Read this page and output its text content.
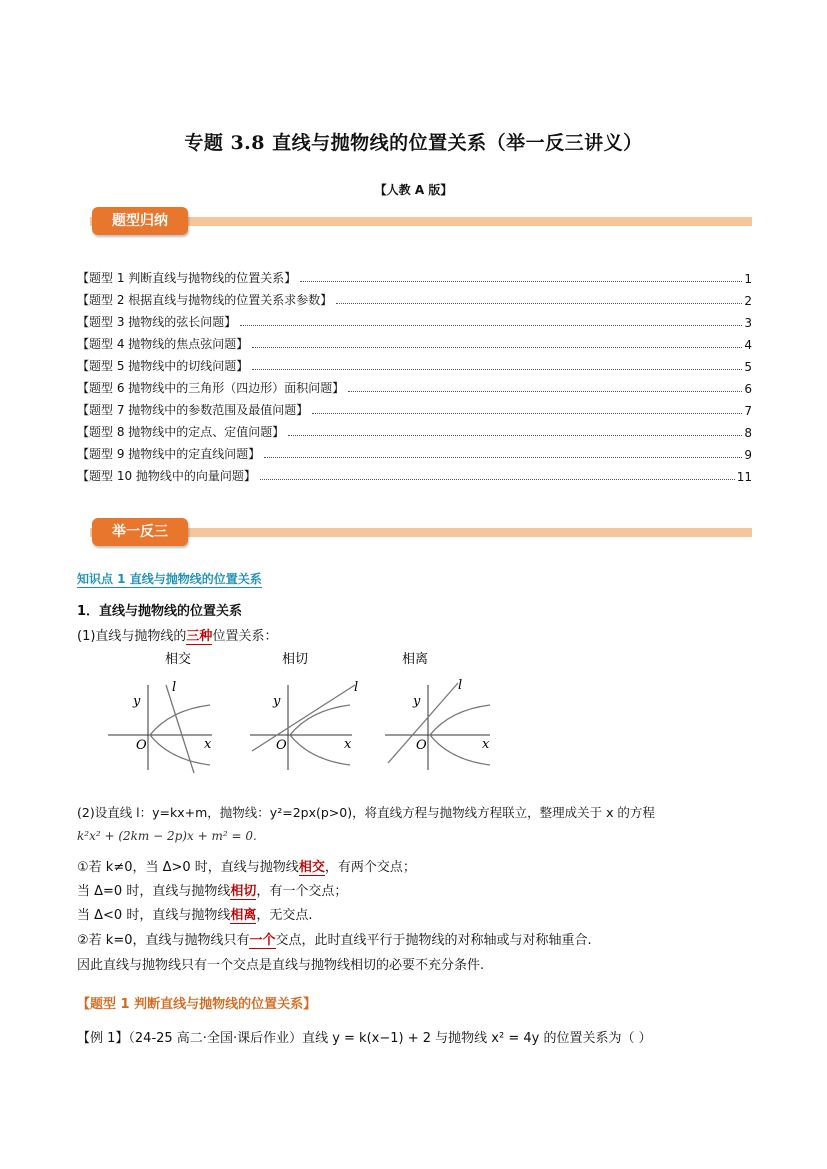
专题 3.8 直线与抛物线的位置关系（举一反三讲义）
【人教 A 版】
题型归纳
【题型 1 判断直线与抛物线的位置关系】	1
【题型 2 根据直线与抛物线的位置关系求参数】	2
【题型 3 抛物线的弦长问题】	3
【题型 4 抛物线的焦点弦问题】	4
【题型 5 抛物线中的切线问题】	5
【题型 6 抛物线中的三角形（四边形）面积问题】	6
【题型 7 抛物线中的参数范围及最值问题】	7
【题型 8 抛物线中的定点、定值问题】	8
【题型 9 抛物线中的定直线问题】	9
【题型 10 抛物线中的向量问题】	11
举一反三
知识点 1 直线与抛物线的位置关系
1．直线与抛物线的位置关系
(1)直线与抛物线的三种位置关系：
相交
y
x
O
l
相切
y
x
O
l
相离
y
x
O
l
(2)设直线 l：y=kx+m，抛物线：y²=2px(p>0)，将直线方程与抛物线方程联立，整理成关于 x 的方程
k²x² + (2km − 2p)x + m² = 0.
①若 k≠0，当 Δ>0 时，直线与抛物线相交，有两个交点；
当 Δ=0 时，直线与抛物线相切，有一个交点；
当 Δ<0 时，直线与抛物线相离，无交点.
②若 k=0，直线与抛物线只有一个交点，此时直线平行于抛物线的对称轴或与对称轴重合.
因此直线与抛物线只有一个交点是直线与抛物线相切的必要不充分条件.
【题型 1 判断直线与抛物线的位置关系】
【例 1】（24-25 高二·全国·课后作业）直线 y = k(x−1) + 2 与抛物线 x² = 4y 的位置关系为（ ）
